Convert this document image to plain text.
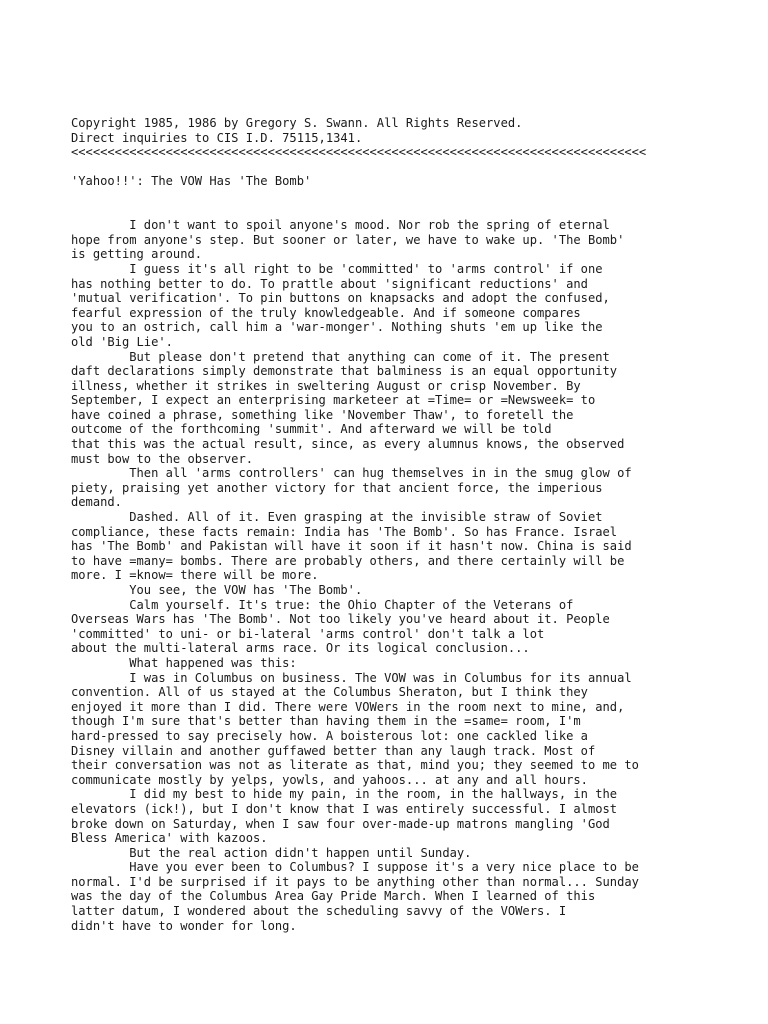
Copyright 1985, 1986 by Gregory S. Swann. All Rights Reserved.
Direct inquiries to CIS I.D. 75115,1341.
<<<<<<<<<<<<<<<<<<<<<<<<<<<<<<<<<<<<<<<<<<<<<<<<<<<<<<<<<<<<<<<<<<<<<<<<<<<<<<<
'Yahoo!!': The VOW Has 'The Bomb'
I don't want to spoil anyone's mood. Nor rob the spring of eternal
hope from anyone's step. But sooner or later, we have to wake up. 'The Bomb'
is getting around.
I guess it's all right to be 'committed' to 'arms control' if one
has nothing better to do. To prattle about 'significant reductions' and
'mutual verification'. To pin buttons on knapsacks and adopt the confused,
fearful expression of the truly knowledgeable. And if someone compares
you to an ostrich, call him a 'war-monger'. Nothing shuts 'em up like the
old 'Big Lie'.
But please don't pretend that anything can come of it. The present
daft declarations simply demonstrate that balminess is an equal opportunity
illness, whether it strikes in sweltering August or crisp November. By
September, I expect an enterprising marketeer at =Time= or =Newsweek= to
have coined a phrase, something like 'November Thaw', to foretell the
outcome of the forthcoming 'summit'. And afterward we will be told
that this was the actual result, since, as every alumnus knows, the observed
must bow to the observer.
Then all 'arms controllers' can hug themselves in in the smug glow of
piety, praising yet another victory for that ancient force, the imperious
demand.
Dashed. All of it. Even grasping at the invisible straw of Soviet
compliance, these facts remain: India has 'The Bomb'. So has France. Israel
has 'The Bomb' and Pakistan will have it soon if it hasn't now. China is said
to have =many= bombs. There are probably others, and there certainly will be
more. I =know= there will be more.
You see, the VOW has 'The Bomb'.
Calm yourself. It's true: the Ohio Chapter of the Veterans of
Overseas Wars has 'The Bomb'. Not too likely you've heard about it. People
'committed' to uni- or bi-lateral 'arms control' don't talk a lot
about the multi-lateral arms race. Or its logical conclusion...
What happened was this:
I was in Columbus on business. The VOW was in Columbus for its annual
convention. All of us stayed at the Columbus Sheraton, but I think they
enjoyed it more than I did. There were VOWers in the room next to mine, and,
though I'm sure that's better than having them in the =same= room, I'm
hard-pressed to say precisely how. A boisterous lot: one cackled like a
Disney villain and another guffawed better than any laugh track. Most of
their conversation was not as literate as that, mind you; they seemed to me to
communicate mostly by yelps, yowls, and yahoos... at any and all hours.
I did my best to hide my pain, in the room, in the hallways, in the
elevators (ick!), but I don't know that I was entirely successful. I almost
broke down on Saturday, when I saw four over-made-up matrons mangling 'God
Bless America' with kazoos.
But the real action didn't happen until Sunday.
Have you ever been to Columbus? I suppose it's a very nice place to be
normal. I'd be surprised if it pays to be anything other than normal... Sunday
was the day of the Columbus Area Gay Pride March. When I learned of this
latter datum, I wondered about the scheduling savvy of the VOWers. I
didn't have to wonder for long.
